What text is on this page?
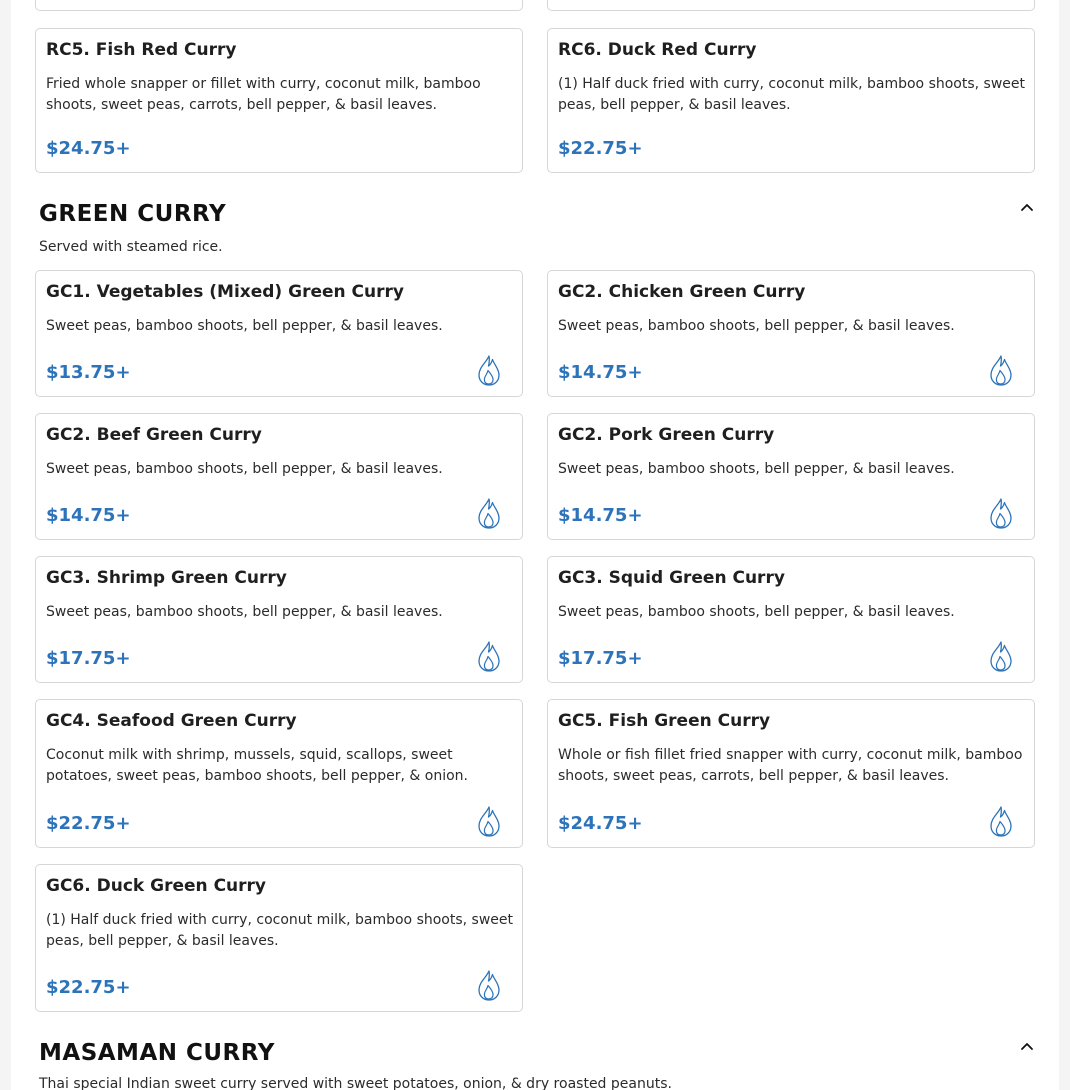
RC5. Fish Red Curry
Fried whole snapper or fillet with curry, coconut milk, bamboo shoots, sweet peas, carrots, bell pepper, & basil leaves.
$24.75+
RC6. Duck Red Curry
(1) Half duck fried with curry, coconut milk, bamboo shoots, sweet peas, bell pepper, & basil leaves.
$22.75+
GREEN CURRY
Served with steamed rice.
GC1. Vegetables (Mixed) Green Curry
Sweet peas, bamboo shoots, bell pepper, & basil leaves.
$13.75+
GC2. Chicken Green Curry
Sweet peas, bamboo shoots, bell pepper, & basil leaves.
$14.75+
GC2. Beef Green Curry
Sweet peas, bamboo shoots, bell pepper, & basil leaves.
$14.75+
GC2. Pork Green Curry
Sweet peas, bamboo shoots, bell pepper, & basil leaves.
$14.75+
GC3. Shrimp Green Curry
Sweet peas, bamboo shoots, bell pepper, & basil leaves.
$17.75+
GC3. Squid Green Curry
Sweet peas, bamboo shoots, bell pepper, & basil leaves.
$17.75+
GC4. Seafood Green Curry
Coconut milk with shrimp, mussels, squid, scallops, sweet potatoes, sweet peas, bamboo shoots, bell pepper, & onion.
$22.75+
GC5. Fish Green Curry
Whole or fish fillet fried snapper with curry, coconut milk, bamboo shoots, sweet peas, carrots, bell pepper, & basil leaves.
$24.75+
GC6. Duck Green Curry
(1) Half duck fried with curry, coconut milk, bamboo shoots, sweet peas, bell pepper, & basil leaves.
$22.75+
MASAMAN CURRY
Thai special Indian sweet curry served with sweet potatoes, onion, & dry roasted peanuts.
